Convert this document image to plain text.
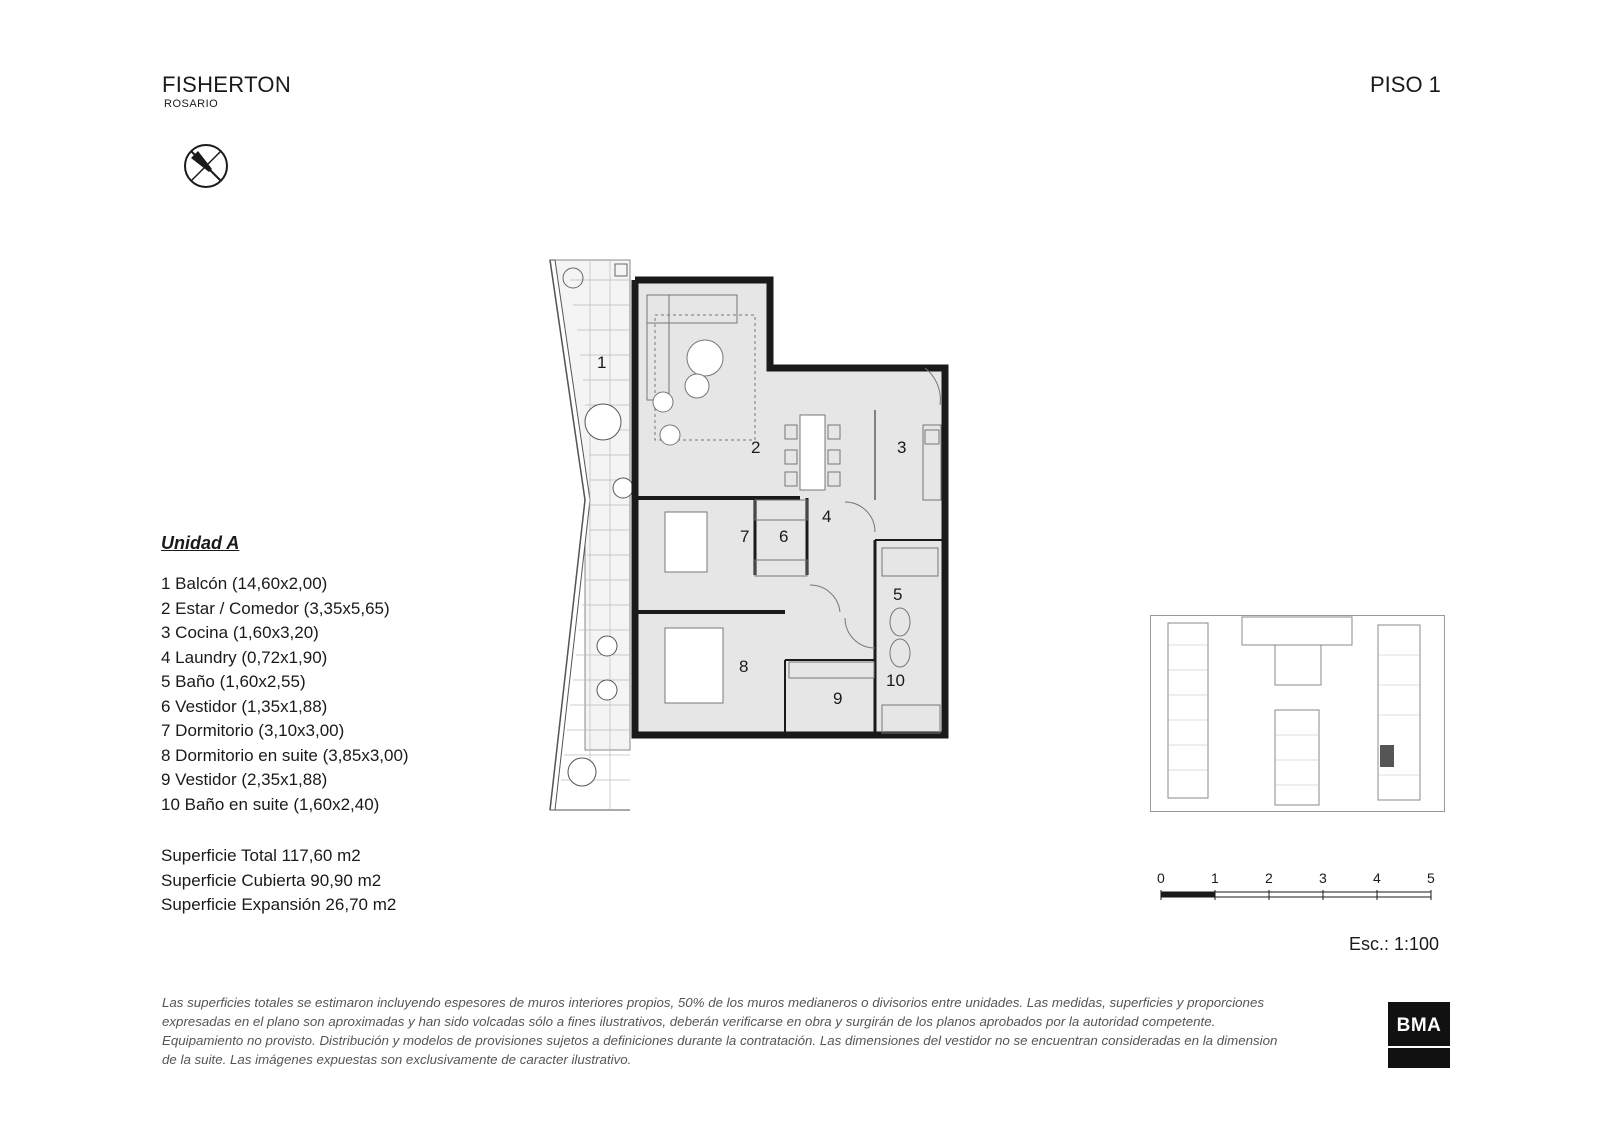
FISHERTON
ROSARIO
PISO 1
Unidad A
1 Balcón (14,60x2,00)
2 Estar / Comedor (3,35x5,65)
3 Cocina (1,60x3,20)
4 Laundry (0,72x1,90)
5 Baño (1,60x2,55)
6 Vestidor (1,35x1,88)
7 Dormitorio (3,10x3,00)
8 Dormitorio en suite (3,85x3,00)
9 Vestidor (2,35x1,88)
10 Baño en suite (1,60x2,40)
Superficie Total 117,60 m2
Superficie Cubierta 90,90 m2
Superficie Expansión 26,70 m2
1
2	3
4
5
6
7
8
9
10
0	1	2	3	4	5
Esc.: 1:100
Las superficies totales se estimaron incluyendo espesores de muros interiores propios, 50% de los muros medianeros o divisorios entre unidades. Las medidas, superficies y proporciones expresadas en el plano son aproximadas y han sido volcadas sólo a fines ilustrativos, deberán verificarse en obra y surgirán de los planos aprobados por la autoridad competente. Equipamiento no provisto. Distribución y modelos de provisiones sujetos a definiciones durante la contratación. Las dimensiones del vestidor no se encuentran consideradas en la dimension de la suite. Las imágenes expuestas son exclusivamente de caracter ilustrativo.
BMA
